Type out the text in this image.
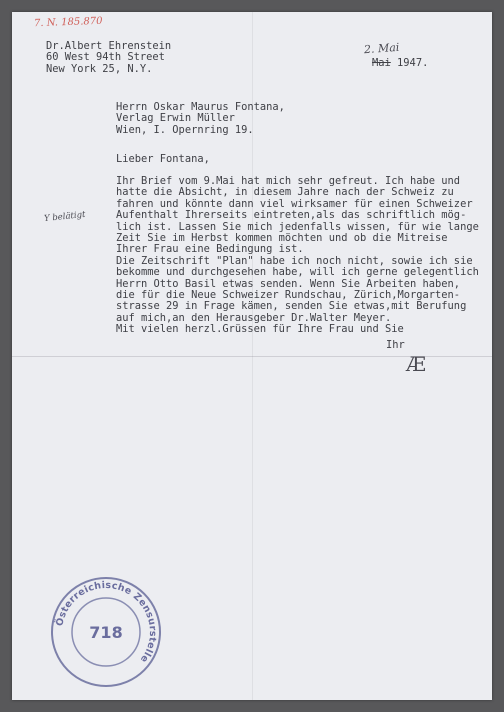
7. N. 185.870
Dr.Albert Ehrenstein
60 West 94th Street
New York 25, N.Y.
2. Mai
Mai 1947.
Herrn Oskar Maurus Fontana,
Verlag Erwin Müller
Wien, I. Opernring 19.
Lieber Fontana,
Y belätigt
Ihr Brief vom 9.Mai hat mich sehr gefreut. Ich habe und
hatte die Absicht, in diesem Jahre nach der Schweiz zu
fahren und könnte dann viel wirksamer für einen Schweizer
Aufenthalt Ihrerseits eintreten,als das schriftlich mög-
lich ist. Lassen Sie mich jedenfalls wissen, für wie lange
Zeit Sie im Herbst kommen möchten und ob die Mitreise
Ihrer Frau eine Bedingung ist.
Die Zeitschrift "Plan" habe ich noch nicht, sowie ich sie
bekomme und durchgesehen habe, will ich gerne gelegentlich
Herrn Otto Basil etwas senden. Wenn Sie Arbeiten haben,
die für die Neue Schweizer Rundschau, Zürich,Morgarten-
strasse 29 in Frage kämen, senden Sie etwas,mit Berufung
auf mich,an den Herausgeber Dr.Walter Meyer.
Mit vielen herzl.Grüssen für Ihre Frau und Sie
Ihr
Æ
Österreichische Zensurstelle
718
